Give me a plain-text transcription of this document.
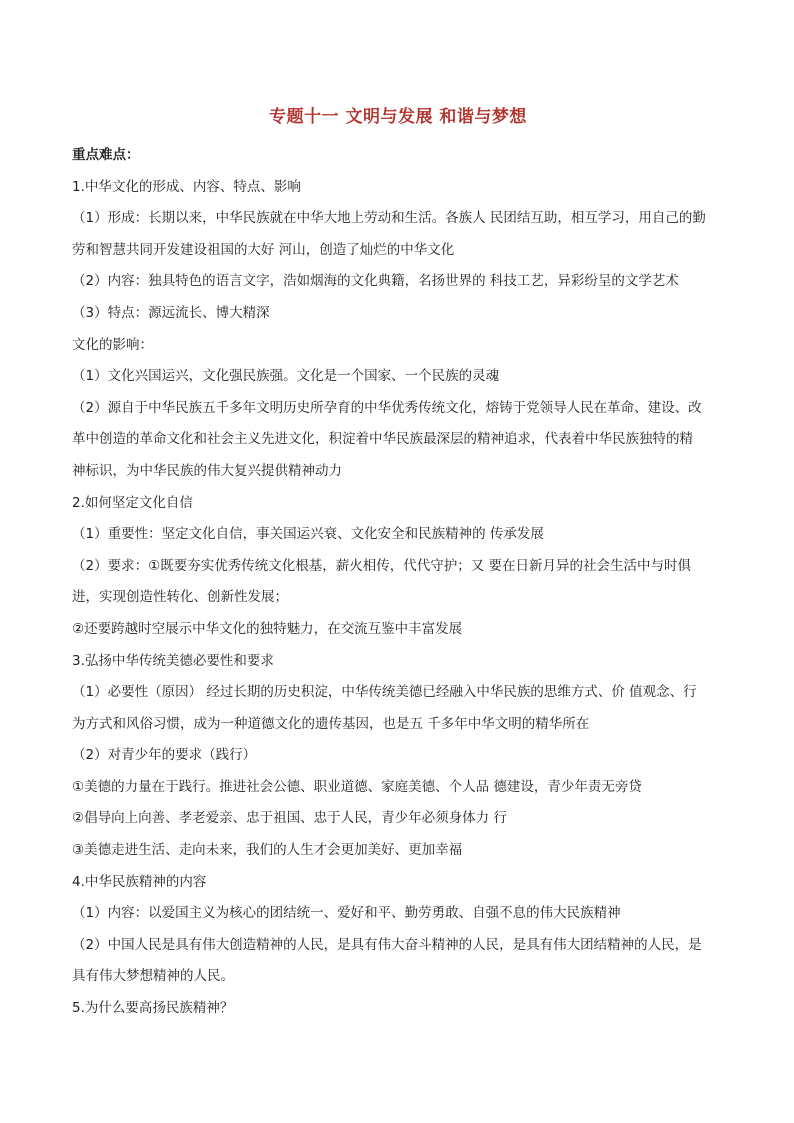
专题十一 文明与发展 和谐与梦想

重点难点：

1.中华文化的形成、内容、特点、影响

（1）形成：长期以来，中华民族就在中华大地上劳动和生活。各族人 民团结互助，相互学习，用自己的勤

劳和智慧共同开发建设祖国的大好 河山，创造了灿烂的中华文化

（2）内容：独具特色的语言文字，浩如烟海的文化典籍，名扬世界的 科技工艺，异彩纷呈的文学艺术

（3）特点：源远流长、博大精深

文化的影响：

（1）文化兴国运兴，文化强民族强。文化是一个国家、一个民族的灵魂

（2）源自于中华民族五千多年文明历史所孕育的中华优秀传统文化，熔铸于党领导人民在革命、建设、改

革中创造的革命文化和社会主义先进文化，积淀着中华民族最深层的精神追求，代表着中华民族独特的精

神标识，为中华民族的伟大复兴提供精神动力

2.如何坚定文化自信

（1）重要性：坚定文化自信，事关国运兴衰、文化安全和民族精神的 传承发展

（2）要求：①既要夯实优秀传统文化根基，薪火相传，代代守护；又 要在日新月异的社会生活中与时俱

进，实现创造性转化、创新性发展；

②还要跨越时空展示中华文化的独特魅力，在交流互鉴中丰富发展

3.弘扬中华传统美德必要性和要求

（1）必要性（原因） 经过长期的历史积淀，中华传统美德已经融入中华民族的思维方式、价 值观念、行

为方式和风俗习惯，成为一种道德文化的遗传基因，也是五 千多年中华文明的精华所在

（2）对青少年的要求（践行）

①美德的力量在于践行。推进社会公德、职业道德、家庭美德、个人品 德建设，青少年责无旁贷

②倡导向上向善、孝老爱亲、忠于祖国、忠于人民，青少年必须身体力 行

③美德走进生活、走向未来，我们的人生才会更加美好、更加幸福

4.中华民族精神的内容

（1）内容：以爱国主义为核心的团结统一、爱好和平、勤劳勇敢、自强不息的伟大民族精神

（2）中国人民是具有伟大创造精神的人民，是具有伟大奋斗精神的人民，是具有伟大团结精神的人民，是

具有伟大梦想精神的人民。

5.为什么要高扬民族精神？
